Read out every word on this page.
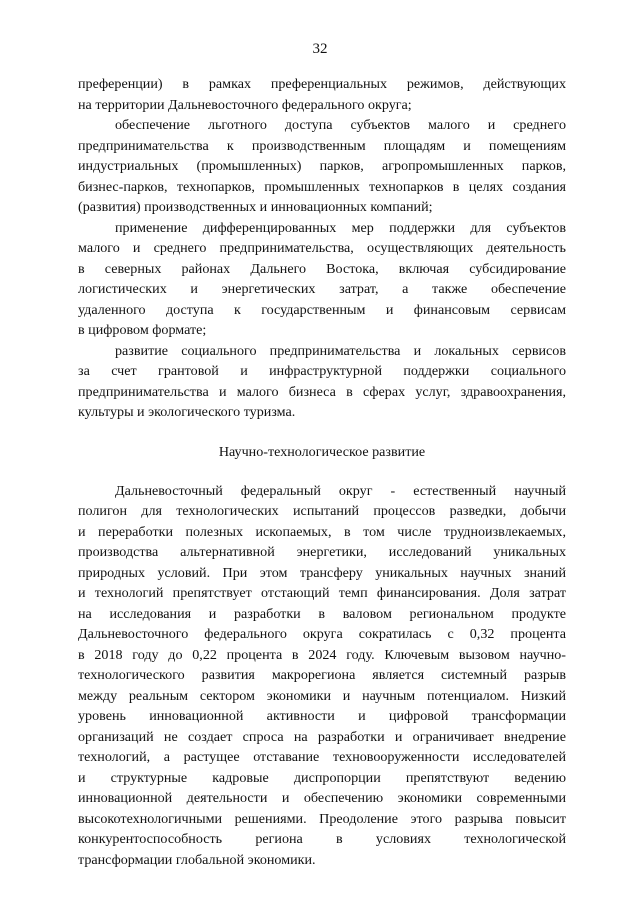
32
преференции) в рамках преференциальных режимов, действующих
на территории Дальневосточного федерального округа;
обеспечение льготного доступа субъектов малого и среднего
предпринимательства к производственным площадям и помещениям
индустриальных (промышленных) парков, агропромышленных парков,
бизнес-парков, технопарков, промышленных технопарков в целях создания
(развития) производственных и инновационных компаний;
применение дифференцированных мер поддержки для субъектов
малого и среднего предпринимательства, осуществляющих деятельность
в северных районах Дальнего Востока, включая субсидирование
логистических и энергетических затрат, а также обеспечение
удаленного доступа к государственным и финансовым сервисам
в цифровом формате;
развитие социального предпринимательства и локальных сервисов
за счет грантовой и инфраструктурной поддержки социального
предпринимательства и малого бизнеса в сферах услуг, здравоохранения,
культуры и экологического туризма.
Научно-технологическое развитие
Дальневосточный федеральный округ - естественный научный
полигон для технологических испытаний процессов разведки, добычи
и переработки полезных ископаемых, в том числе трудноизвлекаемых,
производства альтернативной энергетики, исследований уникальных
природных условий. При этом трансферу уникальных научных знаний
и технологий препятствует отстающий темп финансирования. Доля затрат
на исследования и разработки в валовом региональном продукте
Дальневосточного федерального округа сократилась с 0,32 процента
в 2018 году до 0,22 процента в 2024 году. Ключевым вызовом научно-
технологического развития макрорегиона является системный разрыв
между реальным сектором экономики и научным потенциалом. Низкий
уровень инновационной активности и цифровой трансформации
организаций не создает спроса на разработки и ограничивает внедрение
технологий, а растущее отставание техновооруженности исследователей
и структурные кадровые диспропорции препятствуют ведению
инновационной деятельности и обеспечению экономики современными
высокотехнологичными решениями. Преодоление этого разрыва повысит
конкурентоспособность региона в условиях технологической
трансформации глобальной экономики.
